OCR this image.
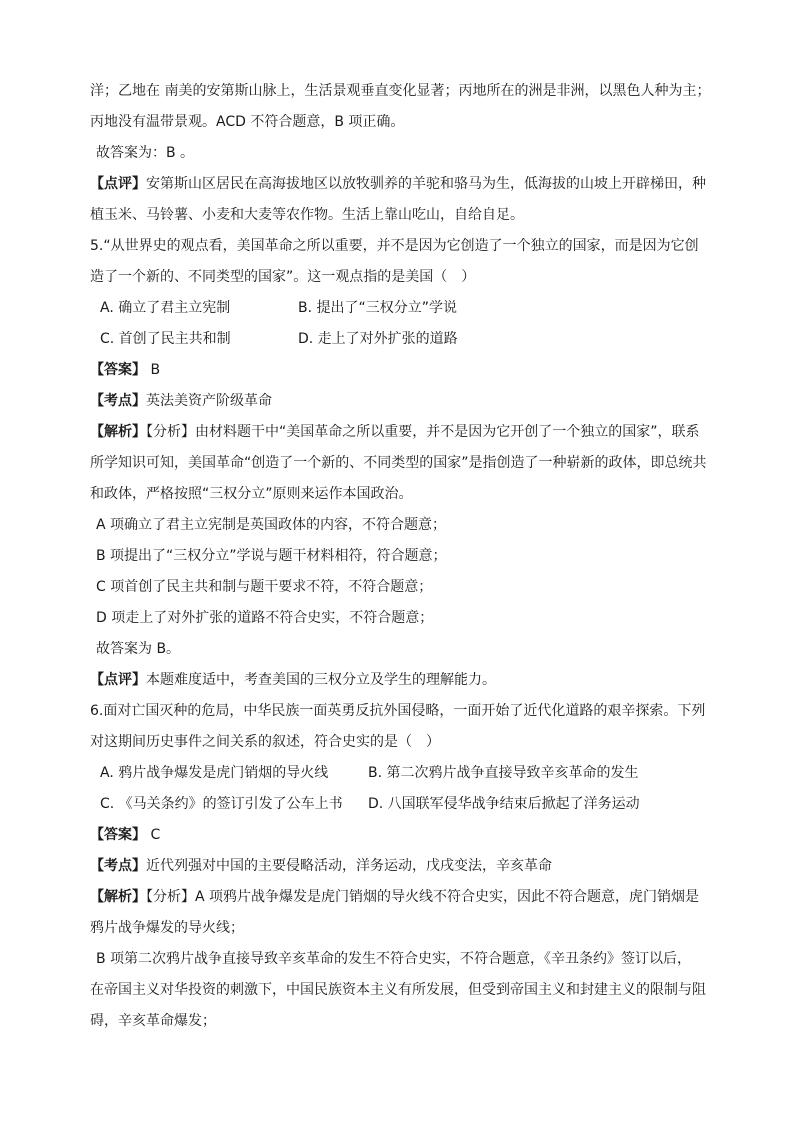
洋；乙地在 南美的安第斯山脉上，生活景观垂直变化显著；丙地所在的洲是非洲，以黑色人种为主；
丙地没有温带景观。ACD 不符合题意，B 项正确。
故答案为：B 。
【点评】安第斯山区居民在高海拔地区以放牧驯养的羊驼和骆马为生，低海拔的山坡上开辟梯田，种
植玉米、马铃薯、小麦和大麦等农作物。生活上靠山吃山，自给自足。
5.“从世界史的观点看，美国革命之所以重要，并不是因为它创造了一个独立的国家，而是因为它创
造了一个新的、不同类型的国家”。这一观点指的是美国（　）
A. 确立了君主立宪制	B. 提出了“三权分立”学说
C. 首创了民主共和制	D. 走上了对外扩张的道路
【答案】 B
【考点】英法美资产阶级革命
【解析】【分析】由材料题干中“美国革命之所以重要，并不是因为它开创了一个独立的国家”，联系
所学知识可知，美国革命“创造了一个新的、不同类型的国家”是指创造了一种崭新的政体，即总统共
和政体，严格按照“三权分立”原则来运作本国政治。
A 项确立了君主立宪制是英国政体的内容，不符合题意；
B 项提出了“三权分立”学说与题干材料相符，符合题意；
C 项首创了民主共和制与题干要求不符，不符合题意；
D 项走上了对外扩张的道路不符合史实，不符合题意；
故答案为 B。
【点评】本题难度适中，考查美国的三权分立及学生的理解能力。
6.面对亡国灭种的危局，中华民族一面英勇反抗外国侵略，一面开始了近代化道路的艰辛探索。下列
对这期间历史事件之间关系的叙述，符合史实的是（　）
A. 鸦片战争爆发是虎门销烟的导火线	B. 第二次鸦片战争直接导致辛亥革命的发生
C. 《马关条约》的签订引发了公车上书	D. 八国联军侵华战争结束后掀起了洋务运动
【答案】 C
【考点】近代列强对中国的主要侵略活动，洋务运动，戊戌变法，辛亥革命
【解析】【分析】A 项鸦片战争爆发是虎门销烟的导火线不符合史实，因此不符合题意，虎门销烟是
鸦片战争爆发的导火线；
B 项第二次鸦片战争直接导致辛亥革命的发生不符合史实，不符合题意，《辛丑条约》签订以后，
在帝国主义对华投资的刺激下，中国民族资本主义有所发展，但受到帝国主义和封建主义的限制与阻
碍，辛亥革命爆发；
